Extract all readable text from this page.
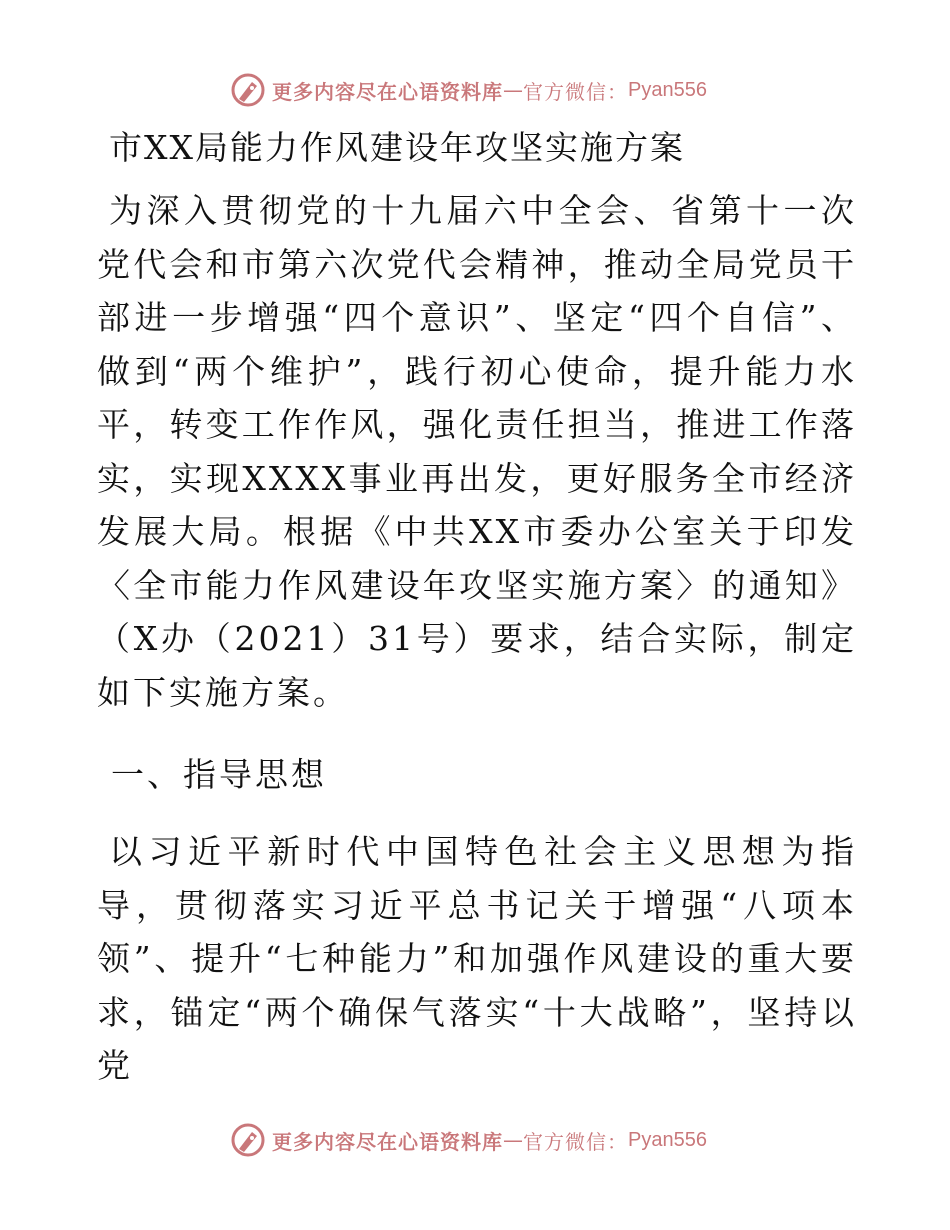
更多内容尽在心语资料库 — 官方微信： Pyan556
市XX局能力作风建设年攻坚实施方案

为深入贯彻党的十九届六中全会、省第十一次党代会和市第六次党代会精神，推动全局党员干部进一步增强“四个意识”、坚定“四个自信”、做到“两个维护”，践行初心使命，提升能力水平，转变工作作风，强化责任担当，推进工作落实，实现XXXX事业再出发，更好服务全市经济发展大局。根据《中共XX市委办公室关于印发〈全市能力作风建设年攻坚实施方案〉的通知》（X办（2021）31号）要求，结合实际，制定如下实施方案。

一、指导思想

以习近平新时代中国特色社会主义思想为指导，贯彻落实习近平总书记关于增强“八项本领”、提升“七种能力”和加强作风建设的重大要求，锚定“两个确保气落实“十大战略”，坚持以党

更多内容尽在心语资料库 — 官方微信： Pyan556
